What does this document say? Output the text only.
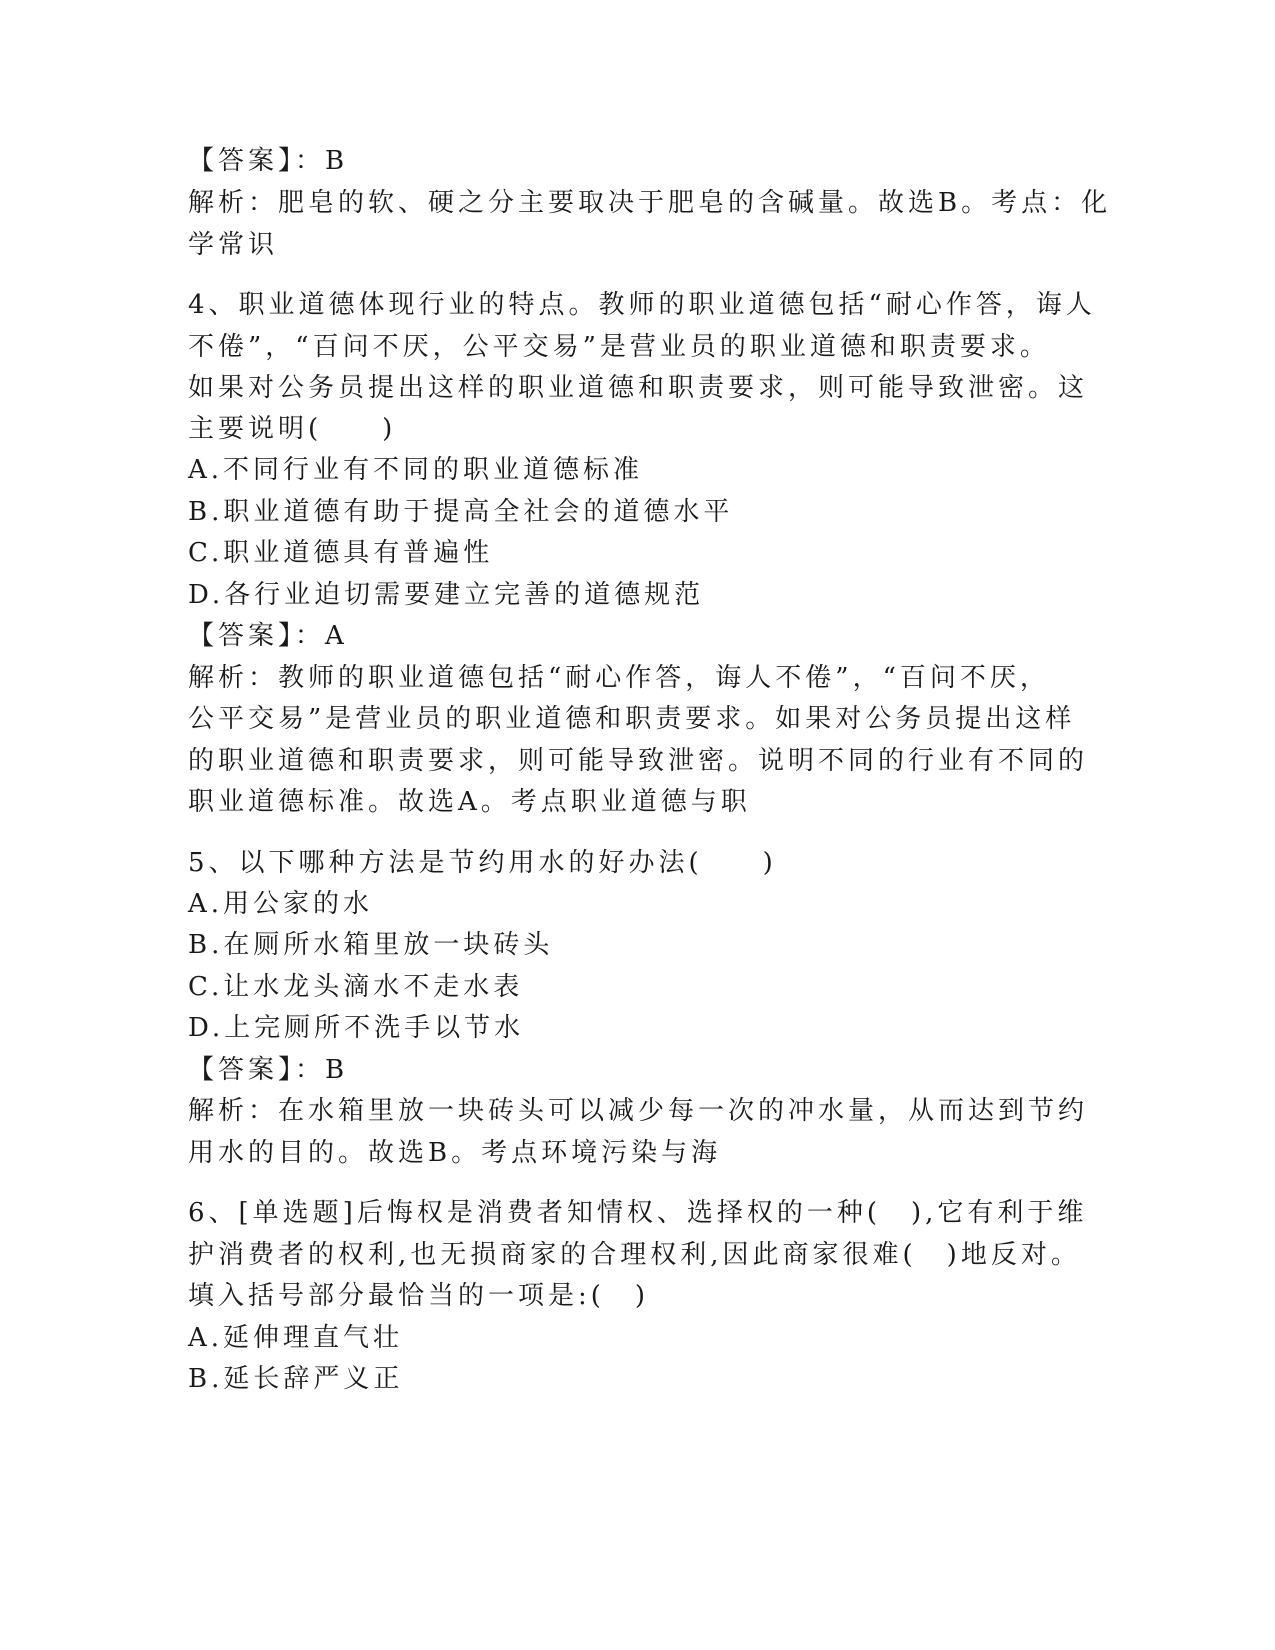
【答案】：B
解析：肥皂的软、硬之分主要取决于肥皂的含碱量。故选B。考点：化
学常识
4、职业道德体现行业的特点。教师的职业道德包括“耐心作答，诲人
不倦”，“百问不厌，公平交易”是营业员的职业道德和职责要求。
如果对公务员提出这样的职业道德和职责要求，则可能导致泄密。这
主要说明(　　)
A.不同行业有不同的职业道德标准
B.职业道德有助于提高全社会的道德水平
C.职业道德具有普遍性
D.各行业迫切需要建立完善的道德规范
【答案】：A
解析：教师的职业道德包括“耐心作答，诲人不倦”，“百问不厌，
公平交易”是营业员的职业道德和职责要求。如果对公务员提出这样
的职业道德和职责要求，则可能导致泄密。说明不同的行业有不同的
职业道德标准。故选A。考点职业道德与职
5、以下哪种方法是节约用水的好办法(　　)
A.用公家的水
B.在厕所水箱里放一块砖头
C.让水龙头滴水不走水表
D.上完厕所不洗手以节水
【答案】：B
解析：在水箱里放一块砖头可以减少每一次的冲水量，从而达到节约
用水的目的。故选B。考点环境污染与海
6、[单选题]后悔权是消费者知情权、选择权的一种(　),它有利于维
护消费者的权利,也无损商家的合理权利,因此商家很难(　)地反对。
填入括号部分最恰当的一项是:(　)
A.延伸理直气壮
B.延长辞严义正
